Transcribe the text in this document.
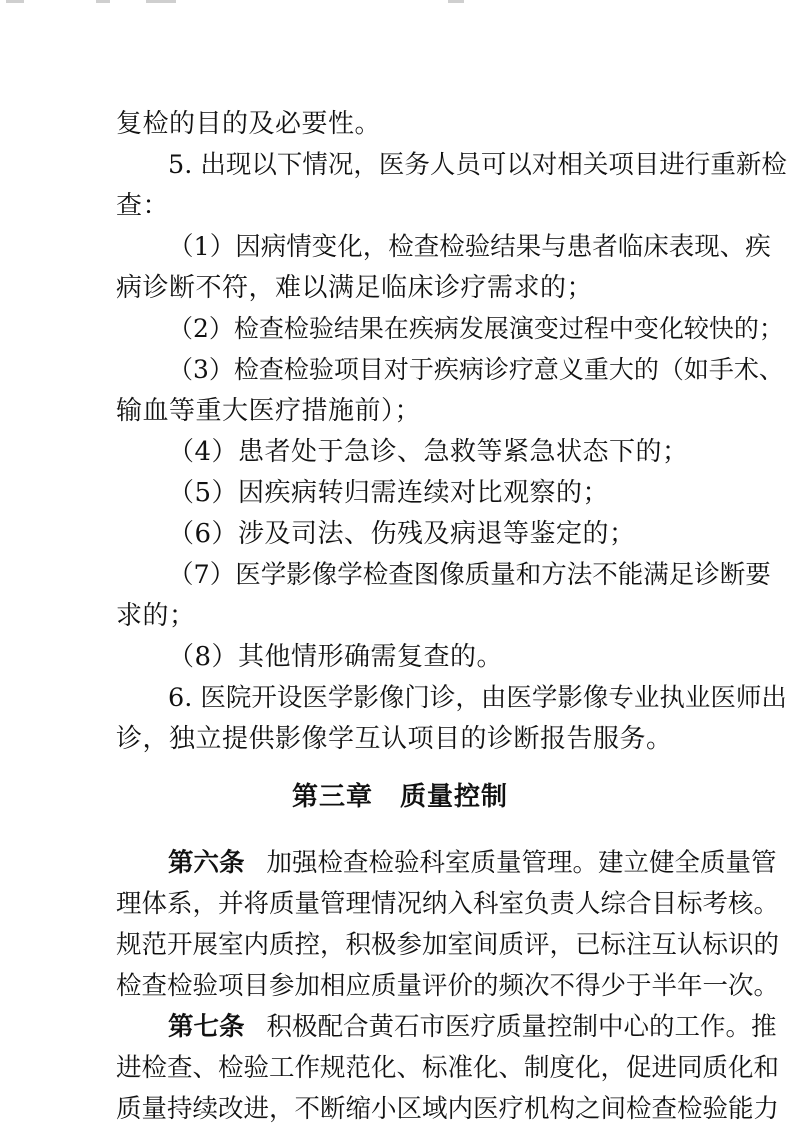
复检的目的及必要性。
5. 出现以下情况，医务人员可以对相关项目进行重新检
查：
（1）因病情变化，检查检验结果与患者临床表现、疾
病诊断不符，难以满足临床诊疗需求的；
（2）检查检验结果在疾病发展演变过程中变化较快的；
（3）检查检验项目对于疾病诊疗意义重大的（如手术、
输血等重大医疗措施前）；
（4）患者处于急诊、急救等紧急状态下的；
（5）因疾病转归需连续对比观察的；
（6）涉及司法、伤残及病退等鉴定的；
（7）医学影像学检查图像质量和方法不能满足诊断要
求的；
（8）其他情形确需复查的。
6. 医院开设医学影像门诊，由医学影像专业执业医师出
诊，独立提供影像学互认项目的诊断报告服务。
第三章　质量控制
第六条 加强检查检验科室质量管理。建立健全质量管
理体系，并将质量管理情况纳入科室负责人综合目标考核。
规范开展室内质控，积极参加室间质评，已标注互认标识的
检查检验项目参加相应质量评价的频次不得少于半年一次。
第七条 积极配合黄石市医疗质量控制中心的工作。推
进检查、检验工作规范化、标准化、制度化，促进同质化和
质量持续改进，不断缩小区域内医疗机构之间检查检验能力
